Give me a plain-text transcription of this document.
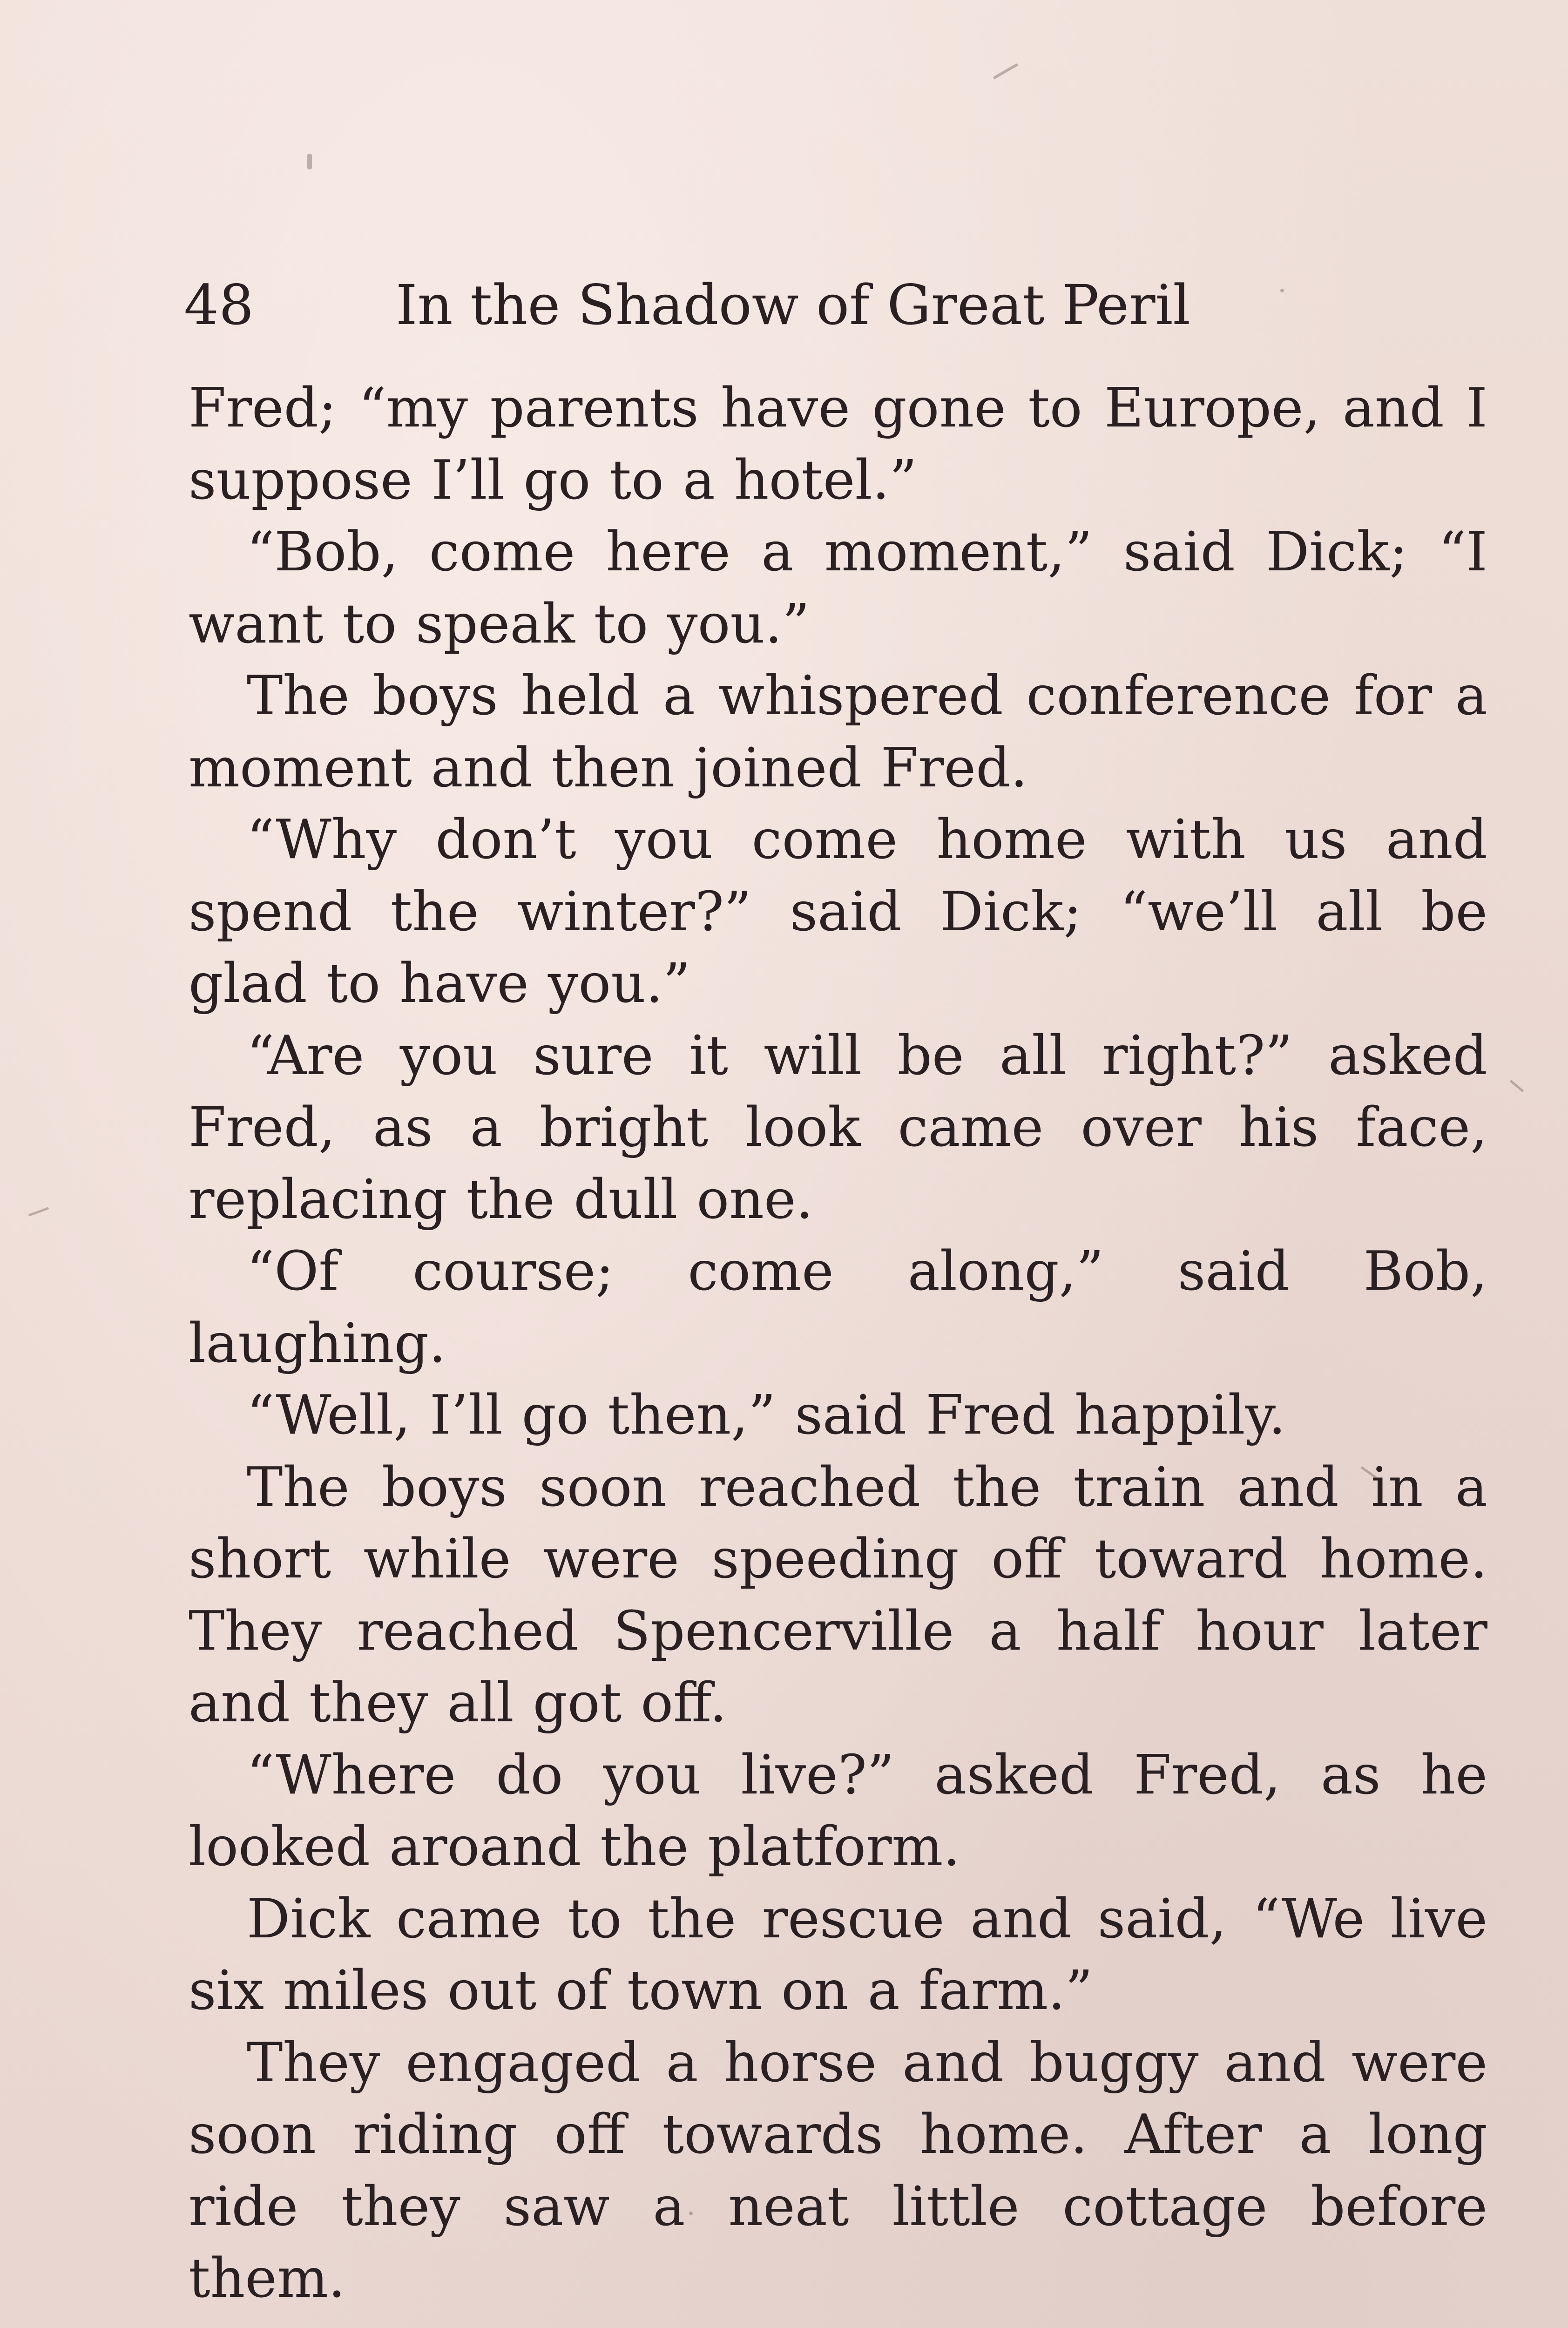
48	In the Shadow of Great Peril

Fred; “my parents have gone to Europe, and I suppose I’ll go to a hotel.”

“Bob, come here a moment,” said Dick; “I want to speak to you.”

The boys held a whispered conference for a moment and then joined Fred.

“Why don’t you come home with us and spend the winter?” said Dick; “we’ll all be glad to have you.”

“Are you sure it will be all right?” asked Fred, as a bright look came over his face, replacing the dull one.

“Of course; come along,” said Bob, laughing.

“Well, I’ll go then,” said Fred happily.

The boys soon reached the train and in a short while were speeding off toward home. They reached Spencerville a half hour later and they all got off.

“Where do you live?” asked Fred, as he looked aroand the platform.

Dick came to the rescue and said, “We live six miles out of town on a farm.”

They engaged a horse and buggy and were soon riding off towards home. After a long ride they saw a neat little cottage before them.
